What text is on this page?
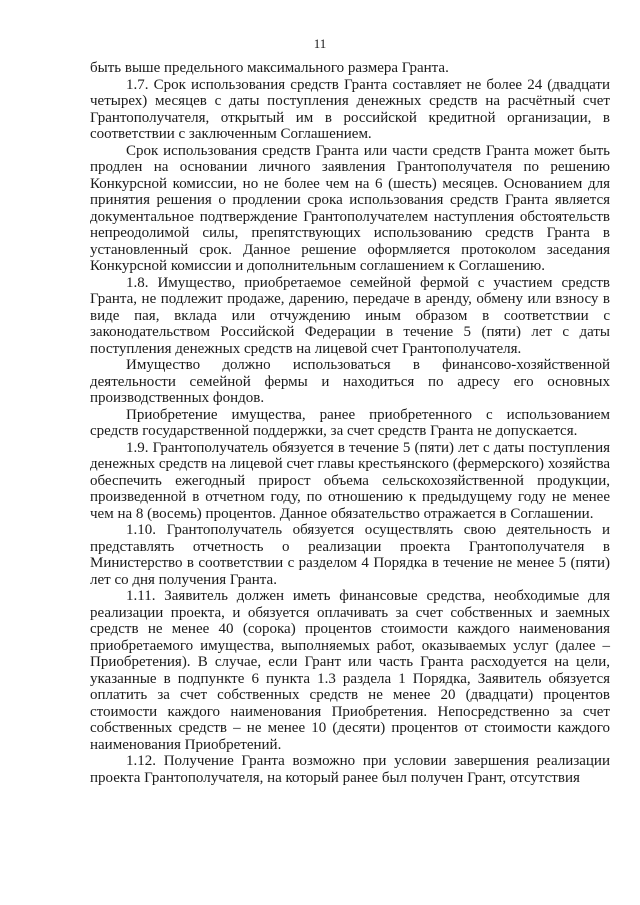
11

быть выше предельного максимального размера Гранта.

1.7. Срок использования средств Гранта составляет не более 24 (двадцати четырех) месяцев с даты поступления денежных средств на расчётный счет Грантополучателя, открытый им в российской кредитной организации, в соответствии с заключенным Соглашением.

Срок использования средств Гранта или части средств Гранта может быть продлен на основании личного заявления Грантополучателя по решению Конкурсной комиссии, но не более чем на 6 (шесть) месяцев. Основанием для принятия решения о продлении срока использования средств Гранта является документальное подтверждение Грантополучателем наступления обстоятельств непреодолимой силы, препятствующих использованию средств Гранта в установленный срок. Данное решение оформляется протоколом заседания Конкурсной комиссии и дополнительным соглашением к Соглашению.

1.8. Имущество, приобретаемое семейной фермой с участием средств Гранта, не подлежит продаже, дарению, передаче в аренду, обмену или взносу в виде пая, вклада или отчуждению иным образом в соответствии с законодательством Российской Федерации в течение 5 (пяти) лет с даты поступления денежных средств на лицевой счет Грантополучателя.

Имущество должно использоваться в финансово-хозяйственной деятельности семейной фермы и находиться по адресу его основных производственных фондов.

Приобретение имущества, ранее приобретенного с использованием средств государственной поддержки, за счет средств Гранта не допускается.

1.9. Грантополучатель обязуется в течение 5 (пяти) лет с даты поступления денежных средств на лицевой счет главы крестьянского (фермерского) хозяйства обеспечить ежегодный прирост объема сельскохозяйственной продукции, произведенной в отчетном году, по отношению к предыдущему году не менее чем на 8 (восемь) процентов. Данное обязательство отражается в Соглашении.

1.10. Грантополучатель обязуется осуществлять свою деятельность и представлять отчетность о реализации проекта Грантополучателя в Министерство в соответствии с разделом 4 Порядка в течение не менее 5 (пяти) лет со дня получения Гранта.

1.11. Заявитель должен иметь финансовые средства, необходимые для реализации проекта, и обязуется оплачивать за счет собственных и заемных средств не менее 40 (сорока) процентов стоимости каждого наименования приобретаемого имущества, выполняемых работ, оказываемых услуг (далее – Приобретения). В случае, если Грант или часть Гранта расходуется на цели, указанные в подпункте 6 пункта 1.3 раздела 1 Порядка, Заявитель обязуется оплатить за счет собственных средств не менее 20 (двадцати) процентов стоимости каждого наименования Приобретения. Непосредственно за счет собственных средств – не менее 10 (десяти) процентов от стоимости каждого наименования Приобретений.

1.12. Получение Гранта возможно при условии завершения реализации проекта Грантополучателя, на который ранее был получен Грант, отсутствия
